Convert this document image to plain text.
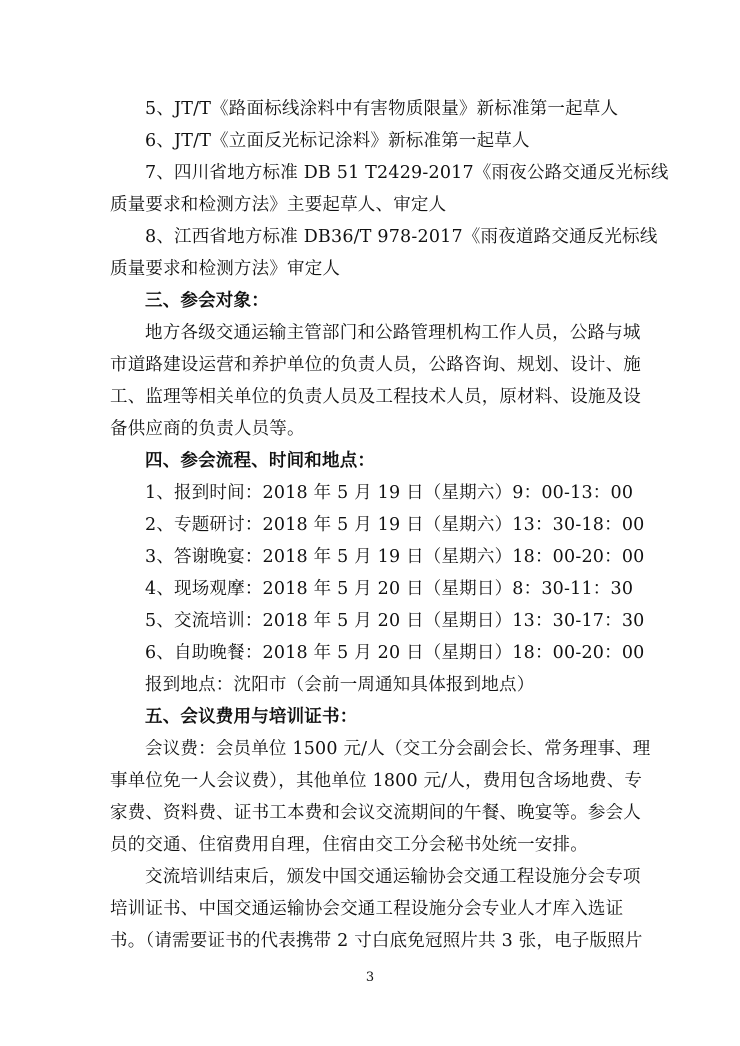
5、JT/T《路面标线涂料中有害物质限量》新标准第一起草人
6、JT/T《立面反光标记涂料》新标准第一起草人
7、四川省地方标准 DB 51 T2429-2017《雨夜公路交通反光标线
质量要求和检测方法》主要起草人、审定人
8、江西省地方标准 DB36/T 978-2017《雨夜道路交通反光标线
质量要求和检测方法》审定人
三、参会对象：
地方各级交通运输主管部门和公路管理机构工作人员，公路与城
市道路建设运营和养护单位的负责人员，公路咨询、规划、设计、施
工、监理等相关单位的负责人员及工程技术人员，原材料、设施及设
备供应商的负责人员等。
四、参会流程、时间和地点：
1、报到时间：2018 年 5 月 19 日（星期六） 9：00-13：00
2、专题研讨：2018 年 5 月 19 日（星期六） 13：30-18：00
3、答谢晚宴：2018 年 5 月 19 日（星期六） 18：00-20：00
4、现场观摩：2018 年 5 月 20 日（星期日） 8：30-11：30
5、交流培训：2018 年 5 月 20 日（星期日） 13：30-17：30
6、自助晚餐：2018 年 5 月 20 日（星期日） 18：00-20：00
报到地点：沈阳市（会前一周通知具体报到地点）
五、会议费用与培训证书：
会议费：会员单位 1500 元/人（交工分会副会长、常务理事、理
事单位免一人会议费），其他单位 1800 元/人，费用包含场地费、专
家费、资料费、证书工本费和会议交流期间的午餐、晚宴等。参会人
员的交通、住宿费用自理，住宿由交工分会秘书处统一安排。
交流培训结束后，颁发中国交通运输协会交通工程设施分会专项
培训证书、中国交通运输协会交通工程设施分会专业人才库入选证
书。（请需要证书的代表携带 2 寸白底免冠照片共 3 张，电子版照片
3
